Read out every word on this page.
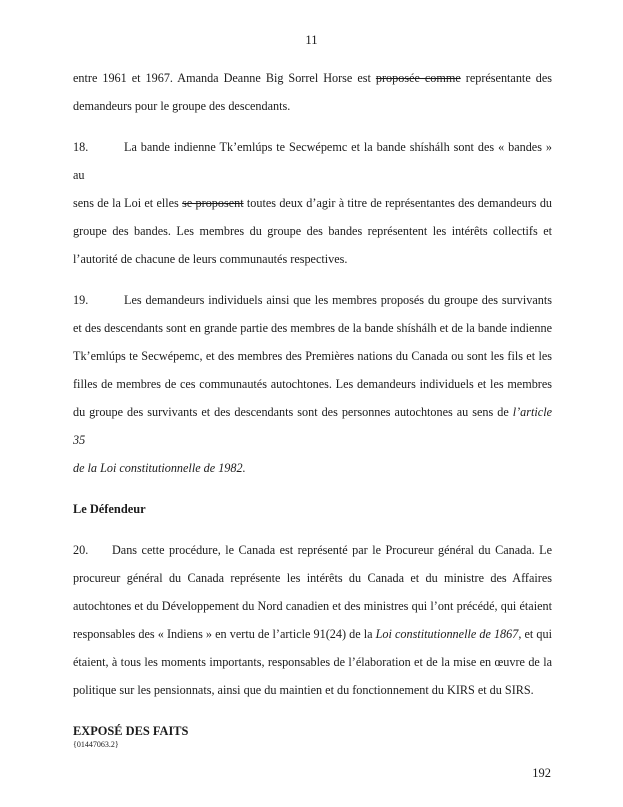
11
entre 1961 et 1967. Amanda Deanne Big Sorrel Horse est proposée comme représentante des
demandeurs pour le groupe des descendants.
18.	La bande indienne Tk’emlúps te Secwépemc et la bande shíshálh sont des « bandes » au
sens de la Loi et elles se proposent toutes deux d’agir à titre de représentantes des demandeurs du
groupe des bandes. Les membres du groupe des bandes représentent les intérêts collectifs et
l’autorité de chacune de leurs communautés respectives.
19.	Les demandeurs individuels ainsi que les membres proposés du groupe des survivants
et des descendants sont en grande partie des membres de la bande shíshálh et de la bande indienne
Tk’emlúps te Secwépemc, et des membres des Premières nations du Canada ou sont les fils et les
filles de membres de ces communautés autochtones. Les demandeurs individuels et les membres
du groupe des survivants et des descendants sont des personnes autochtones au sens de l’article 35
de la Loi constitutionnelle de 1982.
Le Défendeur
20. Dans cette procédure, le Canada est représenté par le Procureur général du Canada. Le
procureur général du Canada représente les intérêts du Canada et du ministre des Affaires
autochtones et du Développement du Nord canadien et des ministres qui l’ont précédé, qui étaient
responsables des « Indiens » en vertu de l’article 91(24) de la Loi constitutionnelle de 1867, et qui
étaient, à tous les moments importants, responsables de l’élaboration et de la mise en œuvre de la
politique sur les pensionnats, ainsi que du maintien et du fonctionnement du KIRS et du SIRS.
EXPOSÉ DES FAITS
{01447063.2}
192
